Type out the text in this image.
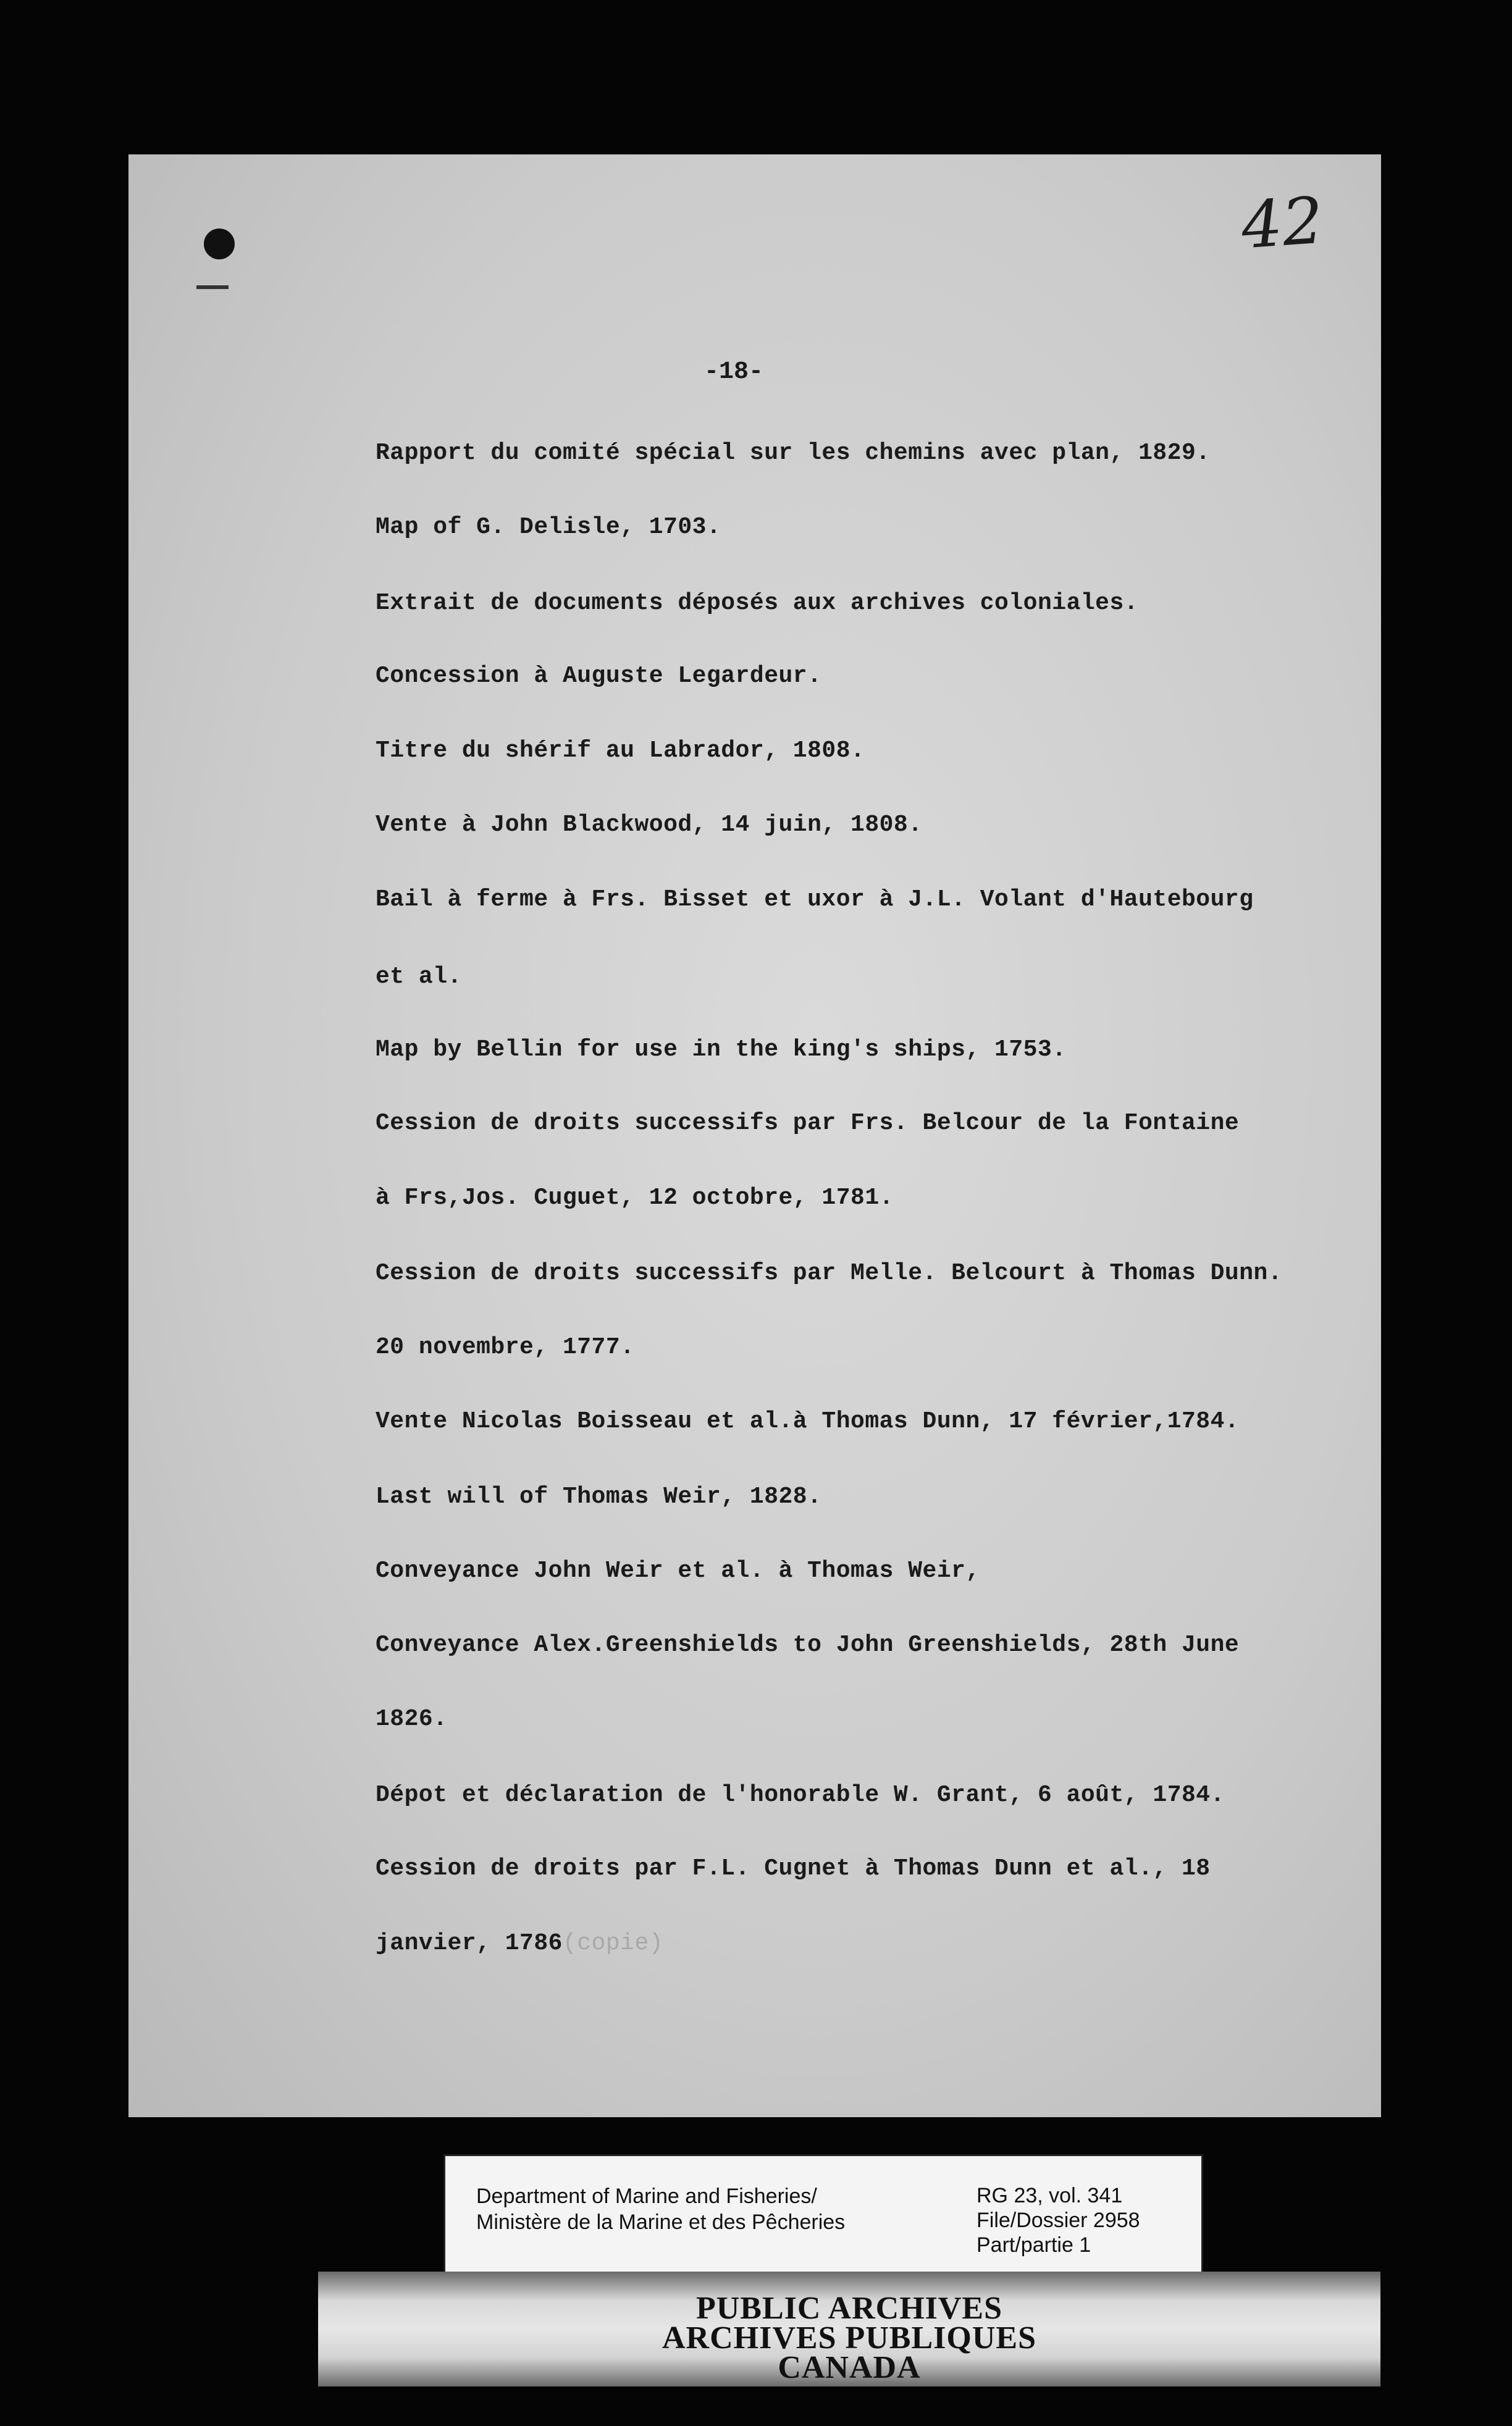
42
-18-
Rapport du comité spécial sur les chemins avec plan, 1829.
Map of G. Delisle, 1703.
Extrait de documents déposés aux archives coloniales.
Concession à Auguste Legardeur.
Titre du shérif au Labrador, 1808.
Vente à John Blackwood, 14 juin, 1808.
Bail à ferme à Frs. Bisset et uxor à J.L. Volant d'Hautebourg
et al.
Map by Bellin for use in the king's ships, 1753.
Cession de droits successifs par Frs. Belcour de la Fontaine
à Frs,Jos. Cuguet, 12 octobre, 1781.
Cession de droits successifs par Melle. Belcourt à Thomas Dunn.
20 novembre, 1777.
Vente Nicolas Boisseau et al.à Thomas Dunn, 17 février,1784.
Last will of Thomas Weir, 1828.
Conveyance John Weir et al. à Thomas Weir,
Conveyance Alex.Greenshields to John Greenshields, 28th June
1826.
Dépot et déclaration de l'honorable W. Grant, 6 août, 1784.
Cession de droits par F.L. Cugnet à Thomas Dunn et al., 18
janvier, 1786(copie)
Department of Marine and Fisheries/
Ministère de la Marine et des Pêcheries
RG 23, vol. 341
File/Dossier 2958
Part/partie 1
PUBLIC ARCHIVES
ARCHIVES PUBLIQUES
CANADA
